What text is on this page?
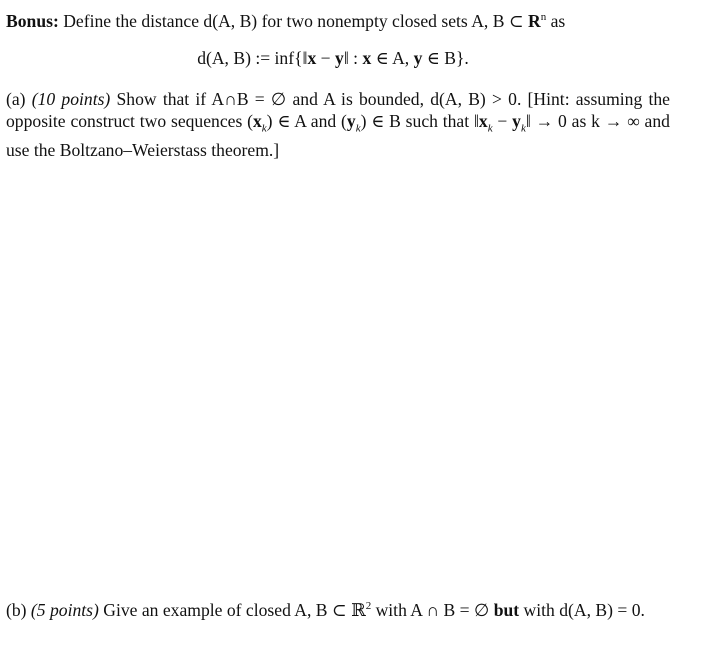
Bonus: Define the distance d(A, B) for two nonempty closed sets A, B ⊂ $R^n$ as
d(A, B) := inf{‖x − y‖ : x ∈ A, y ∈ B}.
(a) (10 points) Show that if A∩B = ∅ and A is bounded, d(A, B) > 0. [Hint: assuming the opposite construct two sequences $(x_k)$ ∈ A and $(y_k)$ ∈ B such that $‖x_k$ − $y_k‖ \to 0$ as k → ∞ and use the Boltzano–Weierstass theorem.]
(b) (5 points) Give an example of closed A, B ⊂ ℝ$^2$ with A ∩ B = ∅ but with d(A, B) = 0.
